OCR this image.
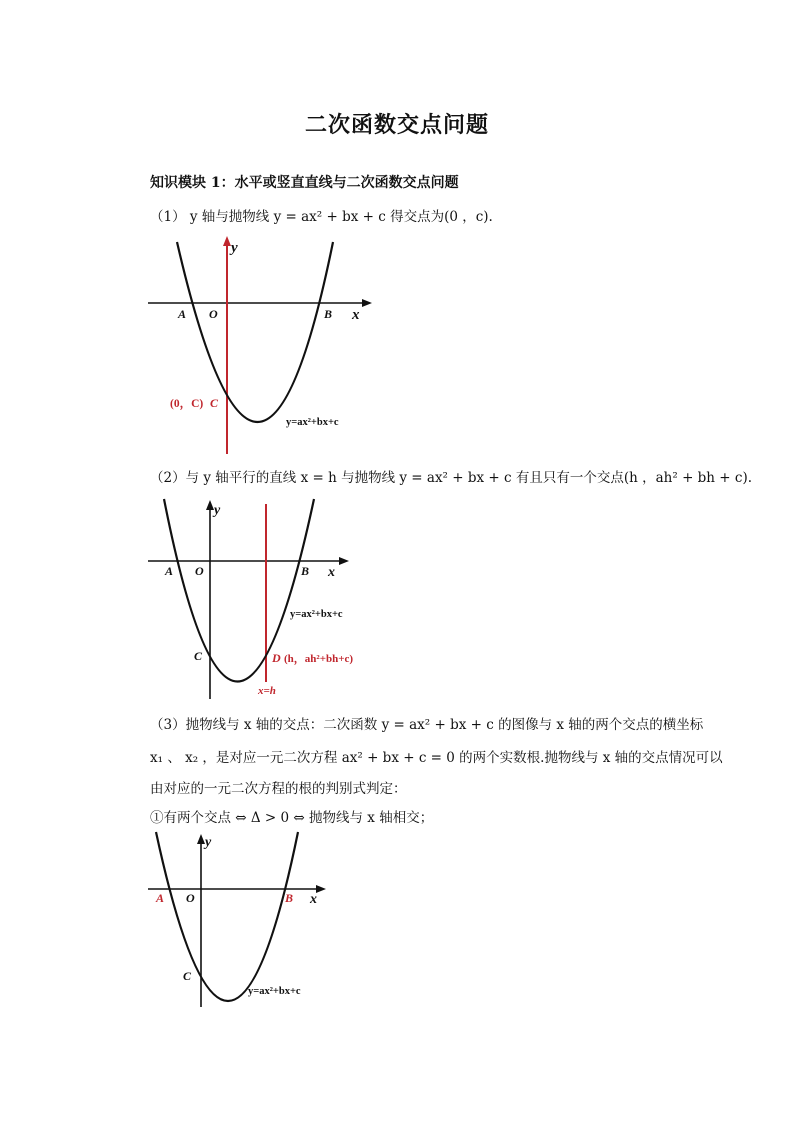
二次函数交点问题
知识模块 1：水平或竖直直线与二次函数交点问题
（1） y 轴与抛物线 y = ax² + bx + c 得交点为(0 ，c).
y
x
A O	B
(0，C) C
y=ax²+bx+c
（2）与 y 轴平行的直线 x = h 与抛物线 y = ax² + bx + c 有且只有一个交点(h ，ah² + bh + c).
y
x
A O	B
y=ax²+bx+c
C	D (h，ah²+bh+c)
x=h
（3）抛物线与 x 轴的交点：二次函数 y = ax² + bx + c 的图像与 x 轴的两个交点的横坐标
x₁ 、 x₂ ，是对应一元二次方程 ax² + bx + c = 0 的两个实数根.抛物线与 x 轴的交点情况可以
由对应的一元二次方程的根的判别式判定：
①有两个交点 ⇔ Δ > 0 ⇔ 抛物线与 x 轴相交；
y
x
A O	B
C
y=ax²+bx+c
